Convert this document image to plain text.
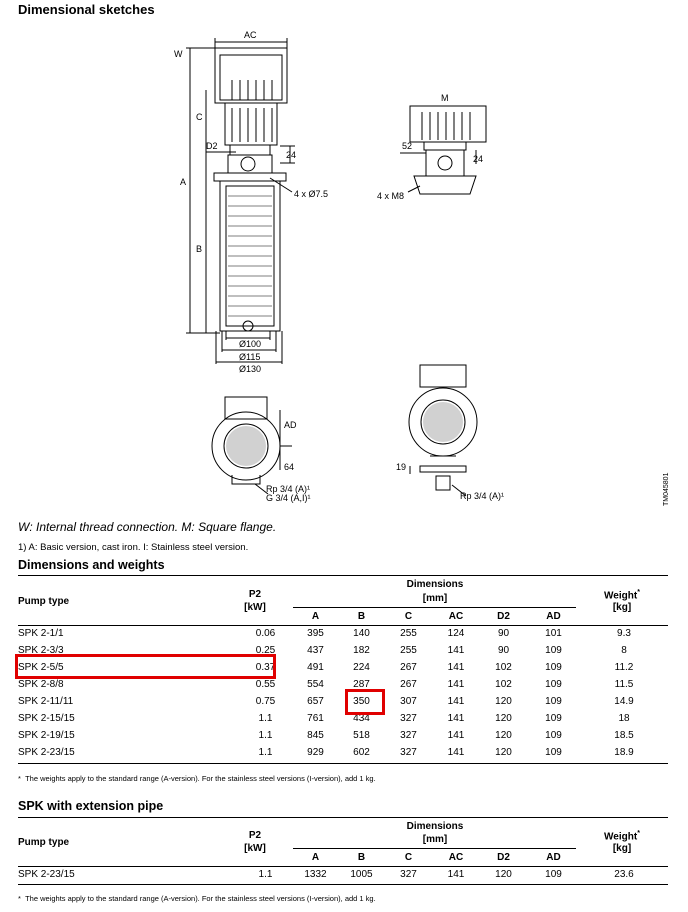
Dimensional sketches
AC
W
C
A
B
D2
24
4 x Ø7.5
Ø100
Ø115
Ø130
M
52
24
4 x M8
AD
64
Rp 3/4 (A)¹
G 3/4 (A,I)¹
19
Rp 3/4 (A)¹	TM045801
W: Internal thread connection. M: Square flange.
1) A: Basic version, cast iron. I: Stainless steel version.
Dimensions and weights
Pump type
P2
[kW]
Dimensions
[mm]	Weight*
[kg]
		A	B	C	AC	D2	AD	
SPK 2-1/1	0.06	395	140	255	124	90	101	9.3
SPK 2-3/3	0.25	437	182	255	141	90	109	8
SPK 2-5/5	0.37	491	224	267	141	102	109	11.2
SPK 2-8/8	0.55	554	287	267	141	102	109	11.5
SPK 2-11/11	0.75	657	350	307	141	120	109	14.9
SPK 2-15/15	1.1	761	434	327	141	120	109	18
SPK 2-19/15	1.1	845	518	327	141	120	109	18.5
SPK 2-23/15	1.1	929	602	327	141	120	109	18.9
* The weights apply to the standard range (A-version). For the stainless steel versions (I-version), add 1 kg.
SPK with extension pipe
Pump type
P2
[kW]
Dimensions
[mm]	Weight*
[kg]
		A	B	C	AC	D2	AD	
SPK 2-23/15	1.1	1332	1005	327	141	120	109	23.6
* The weights apply to the standard range (A-version). For the stainless steel versions (I-version), add 1 kg.
